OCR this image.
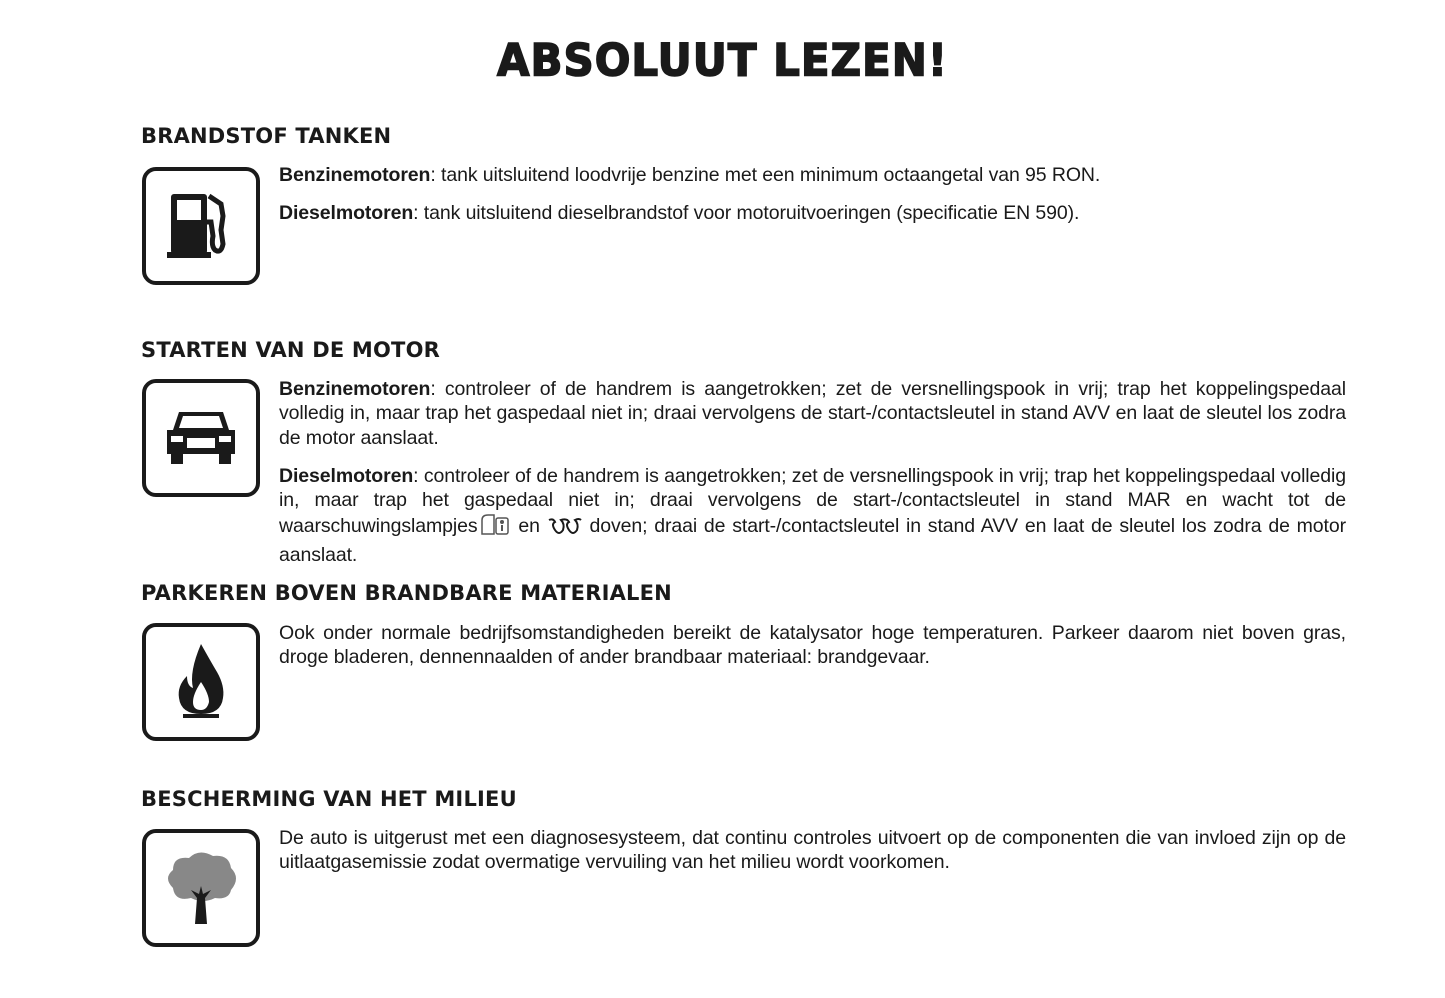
ABSOLUUT LEZEN!
BRANDSTOF TANKEN

Benzinemotoren: tank uitsluitend loodvrije benzine met een minimum octaangetal van 95 RON.

Dieselmotoren: tank uitsluitend dieselbrandstof voor motoruitvoeringen (specificatie EN 590).

STARTEN VAN DE MOTOR

Benzinemotoren: controleer of de handrem is aangetrokken; zet de versnellingspook in vrij; trap het koppelingspedaal volledig in, maar trap het gaspedaal niet in; draai vervolgens de start-/contactsleutel in stand AVV en laat de sleutel los zodra de motor aanslaat.

Dieselmotoren: controleer of de handrem is aangetrokken; zet de versnellingspook in vrij; trap het koppelingspedaal volledig in, maar trap het gaspedaal niet in; draai vervolgens de start-/contactsleutel in stand MAR en wacht tot de waarschuwingslampjes en  doven; draai de start-/contactsleutel in stand AVV en laat de sleutel los zodra de motor aanslaat.

PARKEREN BOVEN BRANDBARE MATERIALEN

Ook onder normale bedrijfsomstandigheden bereikt de katalysator hoge temperaturen. Parkeer daarom niet boven gras, droge bladeren, dennennaalden of ander brandbaar materiaal: brandgevaar.

BESCHERMING VAN HET MILIEU

De auto is uitgerust met een diagnosesysteem, dat continu controles uitvoert op de componenten die van invloed zijn op de uitlaatgasemissie zodat overmatige vervuiling van het milieu wordt voorkomen.
